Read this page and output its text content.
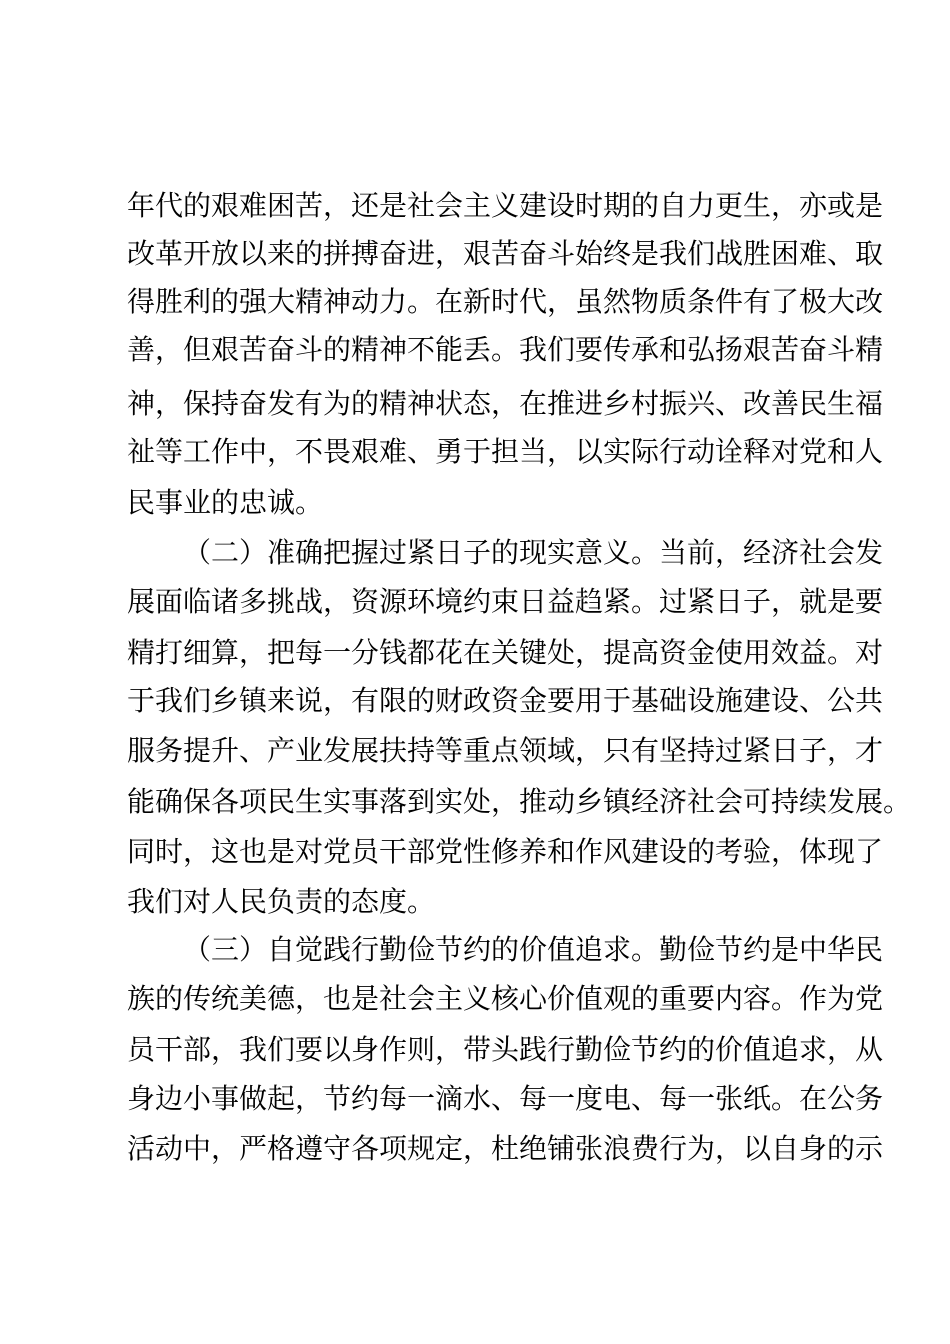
年代的艰难困苦，还是社会主义建设时期的自力更生，亦或是
改革开放以来的拼搏奋进，艰苦奋斗始终是我们战胜困难、取
得胜利的强大精神动力。在新时代，虽然物质条件有了极大改
善，但艰苦奋斗的精神不能丢。我们要传承和弘扬艰苦奋斗精
神，保持奋发有为的精神状态，在推进乡村振兴、改善民生福
祉等工作中，不畏艰难、勇于担当，以实际行动诠释对党和人
民事业的忠诚。
（二）准确把握过紧日子的现实意义。当前，经济社会发
展面临诸多挑战，资源环境约束日益趋紧。过紧日子，就是要
精打细算，把每一分钱都花在关键处，提高资金使用效益。对
于我们乡镇来说，有限的财政资金要用于基础设施建设、公共
服务提升、产业发展扶持等重点领域，只有坚持过紧日子，才
能确保各项民生实事落到实处，推动乡镇经济社会可持续发展。
同时，这也是对党员干部党性修养和作风建设的考验，体现了
我们对人民负责的态度。
（三）自觉践行勤俭节约的价值追求。勤俭节约是中华民
族的传统美德，也是社会主义核心价值观的重要内容。作为党
员干部，我们要以身作则，带头践行勤俭节约的价值追求，从
身边小事做起，节约每一滴水、每一度电、每一张纸。在公务
活动中，严格遵守各项规定，杜绝铺张浪费行为，以自身的示
